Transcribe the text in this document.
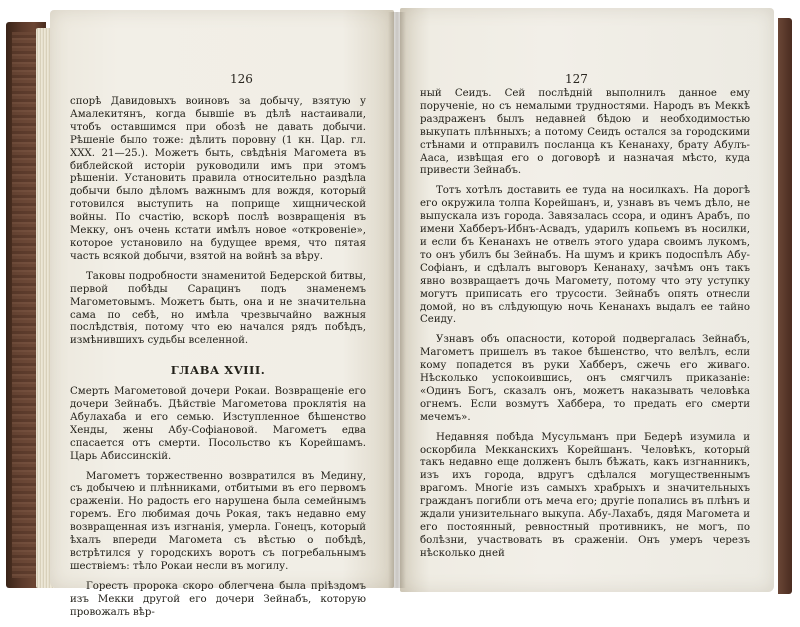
126	127

спорѣ Давидовыхъ воиновъ за добычу, взятую у Амалекитянъ, когда бывшіе въ дѣлѣ настаивали, чтобъ оставшимся при обозѣ не давать добычи. Рѣшеніе было тоже: дѣлить поровну (1 кн. Цар. гл. XXX. 21—25.). Можетъ быть, свѣдѣнія Магомета въ библейской исторіи руководили имъ при этомъ рѣшеніи. Установить правила относительно раздѣла добычи было дѣломъ важнымъ для вождя, который готовился выступить на поприще хищнической войны. По счастію, вскорѣ послѣ возвращенія въ Мекку, онъ очень кстати имѣлъ новое «откровеніе», которое установило на будущее время, что пятая часть всякой добычи, взятой на войнѣ за вѣру.

Таковы подробности знаменитой Бедерской битвы, первой побѣды Сарацинъ подъ знаменемъ Магометовымъ. Можетъ быть, она и не значительна сама по себѣ, но имѣла чрезвычайно важныя послѣдствія, потому что ею начался рядъ побѣдъ, измѣнившихъ судьбы вселенной.

ГЛАВА XVIII.

Смерть Магометовой дочери Рокаи. Возвращеніе его дочери Зейнабъ. Дѣйствіе Магометова проклятія на Абулахаба и его семью. Изступленное бѣшенство Хенды, жены Абу-Софіановой. Магометъ едва спасается отъ смерти. Посольство къ Корейшамъ. Царь Абиссинскій.

Магометъ торжественно возвратился въ Медину, съ добычею и плѣнниками, отбитыми въ его первомъ сраженіи. Но радость его нарушена была семейнымъ горемъ. Его любимая дочь Рокая, такъ недавно ему возвращенная изъ изгнанія, умерла. Гонецъ, который ѣхалъ впереди Магомета съ вѣстью о побѣдѣ, встрѣтился у городскихъ воротъ съ погребальнымъ шествіемъ: тѣло Рокаи несли въ могилу.

Горесть пророка скоро облегчена была пріѣздомъ изъ Мекки другой его дочери Зейнабъ, которую провожалъ вѣр-

ный Сеидъ. Сей послѣдній выполнилъ данное ему порученіе, но съ немалыми трудностями. Народъ въ Меккѣ раздраженъ былъ недавней бѣдою и необходимостью выкупать плѣнныхъ; а потому Сеидъ остался за городскими стѣнами и отправилъ посланца къ Кенанаху, брату Абулъ-Ааса, извѣщая его о договорѣ и назначая мѣсто, куда привести Зейнабъ.

Тотъ хотѣлъ доставить ее туда на носилкахъ. На дорогѣ его окружила толпа Корейшанъ, и, узнавъ въ чемъ дѣло, не выпускала изъ города. Завязалась ссора, и одинъ Арабъ, по имени Хабберъ-Ибнъ-Асвадъ, ударилъ копьемъ въ носилки, и если бъ Кенанахъ не отвелъ этого удара своимъ лукомъ, то онъ убилъ бы Зейнабъ. На шумъ и крикъ подоспѣлъ Абу-Софіанъ, и сдѣлалъ выговоръ Кенанаху, зачѣмъ онъ такъ явно возвращаетъ дочь Магомету, потому что эту уступку могутъ приписать его трусости. Зейнабъ опять отнесли домой, но въ слѣдующую ночь Кенанахъ выдалъ ее тайно Сеиду.

Узнавъ объ опасности, которой подвергалась Зейнабъ, Магометъ пришелъ въ такое бѣшенство, что велѣлъ, если кому попадется въ руки Хабберъ, сжечь его живаго. Нѣсколько успокоившись, онъ смягчилъ приказаніе: «Одинъ Богъ, сказалъ онъ, можетъ наказывать человѣка огнемъ. Если возмутъ Хаббера, то предать его смерти мечемъ».

Недавняя побѣда Мусульманъ при Бедерѣ изумила и оскорбила Мекканскихъ Корейшанъ. Человѣкъ, который такъ недавно еще долженъ былъ бѣжать, какъ изгнанникъ, изъ ихъ города, вдругъ сдѣлался могущественнымъ врагомъ. Многіе изъ самыхъ храбрыхъ и значительныхъ гражданъ погибли отъ меча его; другіе попались въ плѣнъ и ждали унизительнаго выкупа. Абу-Лахабъ, дядя Магомета и его постоянный, ревностный противникъ, не могъ, по болѣзни, участвовать въ сраженіи. Онъ умеръ черезъ нѣсколько дней
